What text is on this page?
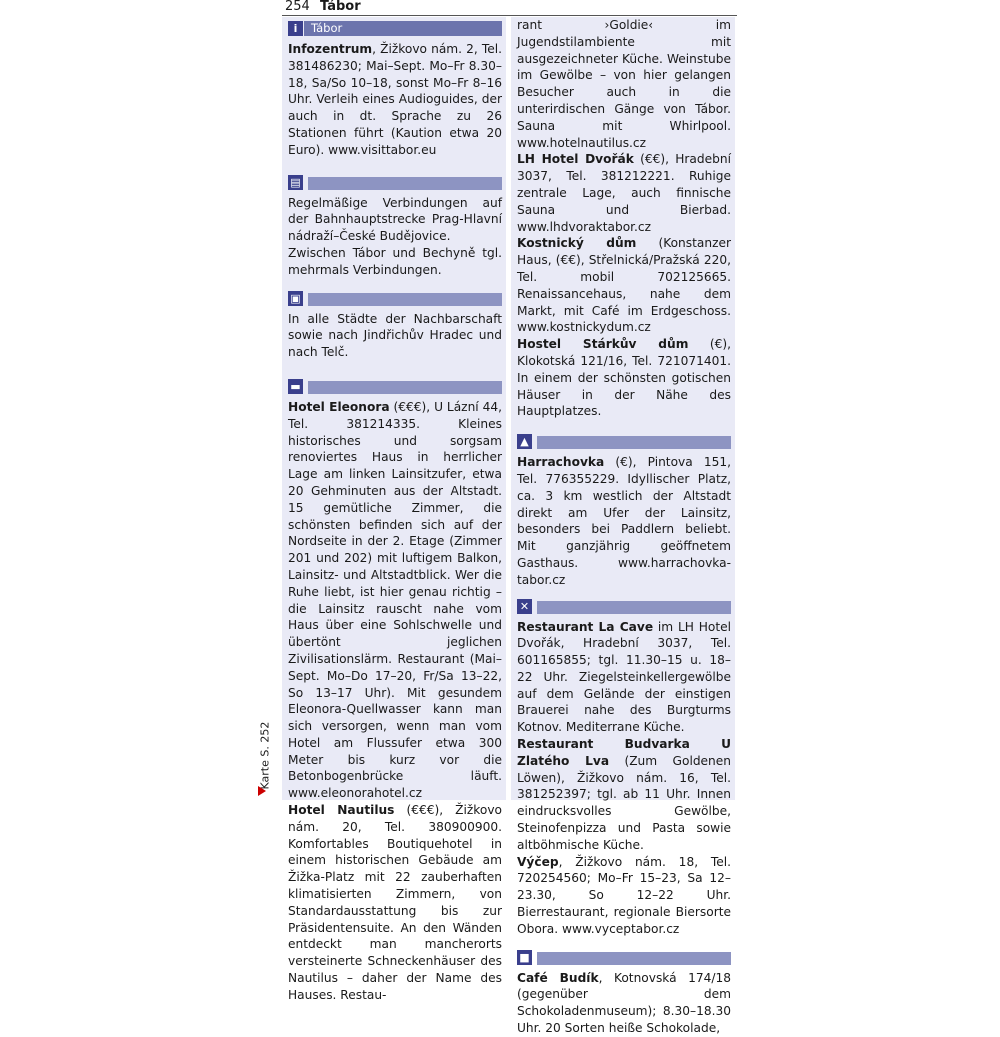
254 Tábor
i	Tábor

Infozentrum, Žižkovo nám. 2, Tel. 381486230; Mai–Sept. Mo–Fr 8.30–18, Sa/So 10–18, sonst Mo–Fr 8–16 Uhr. Verleih eines Audioguides, der auch in dt. Sprache zu 26 Stationen führt (Kaution etwa 20 Euro). www.visittabor.eu

▤

Regelmäßige Verbindungen auf der Bahnhauptstrecke Prag-Hlavní nádraží–České Budějovice.

Zwischen Tábor und Bechyně tgl. mehrmals Verbindungen.

▣

In alle Städte der Nachbarschaft sowie nach Jindřichův Hradec und nach Telč.

▬

Hotel Eleonora (€€€), U Lázní 44, Tel. 381214335. Kleines historisches und sorgsam renoviertes Haus in herrlicher Lage am linken Lainsitzufer, etwa 20 Gehminuten aus der Altstadt. 15 gemütliche Zimmer, die schönsten befinden sich auf der Nordseite in der 2. Etage (Zimmer 201 und 202) mit luftigem Balkon, Lainsitz- und Altstadtblick. Wer die Ruhe liebt, ist hier genau richtig – die Lainsitz rauscht nahe vom Haus über eine Sohlschwelle und übertönt jeglichen Zivilisationslärm. Restaurant (Mai–Sept. Mo–Do 17–20, Fr/Sa 13–22, So 13–17 Uhr). Mit gesundem Eleonora-Quellwasser kann man sich versorgen, wenn man vom Hotel am Flussufer etwa 300 Meter bis kurz vor die Betonbogenbrücke läuft. www.eleonorahotel.cz

Hotel Nautilus (€€€), Žižkovo nám. 20, Tel. 380900900. Komfortables Boutiquehotel in einem historischen Gebäude am Žižka-Platz mit 22 zauberhaften klimatisierten Zimmern, von Standardausstattung bis zur Präsidentensuite. An den Wänden entdeckt man mancherorts versteinerte Schneckenhäuser des Nautilus – daher der Name des Hauses. Restau-

rant ›Goldie‹ im Jugendstilambiente mit ausgezeichneter Küche. Weinstube im Gewölbe – von hier gelangen Besucher auch in die unterirdischen Gänge von Tábor. Sauna mit Whirlpool. www.hotelnautilus.cz

LH Hotel Dvořák (€€), Hradební 3037, Tel. 381212221. Ruhige zentrale Lage, auch finnische Sauna und Bierbad. www.lhdvoraktabor.cz

Kostnický dům (Konstanzer Haus, (€€), Střelnická/Pražská 220, Tel. mobil 702125665. Renaissancehaus, nahe dem Markt, mit Café im Erdgeschoss. www.kostnickydum.cz

Hostel Stárkův dům (€), Klokotská 121/16, Tel. 721071401. In einem der schönsten gotischen Häuser in der Nähe des Hauptplatzes.

▲

Harrachovka (€), Pintova 151, Tel. 776355229. Idyllischer Platz, ca. 3 km westlich der Altstadt direkt am Ufer der Lainsitz, besonders bei Paddlern beliebt. Mit ganzjährig geöffnetem Gasthaus. www.harrachovka-tabor.cz

✕

Restaurant La Cave im LH Hotel Dvořák, Hradební 3037, Tel. 601165855; tgl. 11.30–15 u. 18–22 Uhr. Ziegelsteinkellergewölbe auf dem Gelände der einstigen Brauerei nahe des Burgturms Kotnov. Mediterrane Küche.

Restaurant Budvarka U Zlatého Lva (Zum Goldenen Löwen), Žižkovo nám. 16, Tel. 381252397; tgl. ab 11 Uhr. Innen eindrucksvolles Gewölbe, Steinofenpizza und Pasta sowie altböhmische Küche.

Výčep, Žižkovo nám. 18, Tel. 720254560; Mo–Fr 15–23, Sa 12–23.30, So 12–22 Uhr. Bierrestaurant, regionale Biersorte Obora. www.vyceptabor.cz

■

Café Budík, Kotnovská 174/18 (gegenüber dem Schokoladenmuseum); 8.30–18.30 Uhr. 20 Sorten heiße Schokolade,

Karte S. 252
